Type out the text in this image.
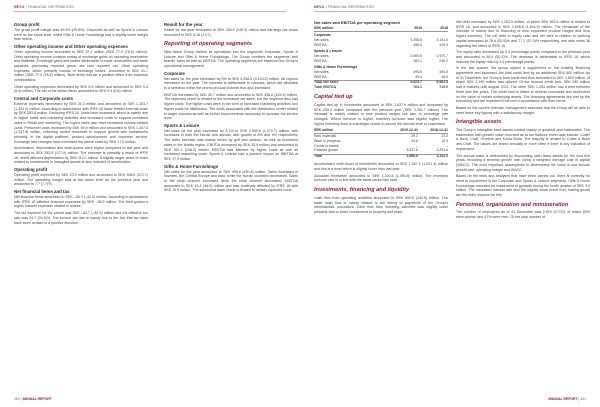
NEVO | FINANCIAL INFORMATION	NEVO | FINANCIAL INFORMATION
Group profit
The gross profit margin was 49.4% (49.6%). Corporate as well as Sports & Leisure were on the same level, whilst Gifts & Home Furnishings had a slightly lower margin than before.
Other operating income and Other operating expenses
Other operating income amounted to SEK 32.1 million (SEK 77.9 (78.6) million). Other operating income consists mainly of exchange gains on operating receivables and liabilities. Exchange gains and losses attributable to trade receivables and trade payables, previously reported gross, are now reported net. Other operating expenses, which primarily consist of exchange losses, amounted to SEK 31.7 million (SEK 77.3 (78.5) million). Both items include a positive effect from business combinations.
Other operating expenses decreased by SEK 5.3 million and amounted to SEK 0.4 (5.6) million. The net of the above items amounted to SEK 0.4 (0.6) million.
Central and Corporate costs
External expenses decreased by SEK 20.3 million and amounted to SEK 1,303.7 (1,324.0) million. According to accordance with IFRS 16 lease related external costs by SEK 353.8 million. Excluding IFRS 16, costs have increased, which is mainly due to higher sales and marketing activities and increased costs to support increased sales in Retail and marketing. The higher sales also have increased volume-related costs. Personnel costs increased by SEK 69.9 million and amounted to SEK 1,407.4 (1,337.5) million, reflecting added resources to support growth with investments primarily in the digital platform, product development and customer service. Exchange rate changes have increased the above costs by SEK 17.0 million.
Amortization, depreciation and write-downs were higher compared to last year and amounted to SEK 283.8 (177.9) million. The increase is primarily a result of IFRS 16, which affected depreciation by SEK 112.0 million. A slightly larger share of costs related to investments in intangible assets is also included in amortization.
Operating profit
Operating profit improved by SEK 23.9 million and amounted to SEK 396.6 (372.7) million. The operating margin was at the same level as the previous year and amounted to 7.7 (7.7)%.
Net financial items and tax
Net financial items amounted to SEK –55.3 (–42.0) million. According to accordance with IFRS 16 affected financial expenses by SEK –38.5 million. The third quarter's higher interest expenses related to leases.
The tax expense for the period was SEK –84.7 (–81.5) million and the effective tax rate was 24.7 (24.5)%. The income tax rate is mainly due to the fact that tax rates have been revised in a positive direction.
Result for the year
Result for the year amounted to SEK 256.6 (249.3) million and earnings per share amounted to SEK 3.16 (3.07).
Reporting of operating segments
New Wave Group divides its operations into the segments Corporate, Sports & Leisure and Gifts & Home Furnishings. The Group monitors the segments' and brands' sales as well as EBITDA. The operating segments are based on the Group's operational management.
Corporate
Net sales for the year increased by 5% to SEK 3,258.5 (3,103.0) million. All regions increased for the year. The increase is attributable to volumes, which are allocated to a selection within the promo product channel that also increased.
EBITDA increased by SEK 32.7 million and amounted to SEK 458.6 (425.9) million. The improved result is related to the increased net sales, but the segment also had higher costs. The higher costs were in the form of increased marketing activities and higher costs for distribution. The costs associated with the distribution center related to larger volumes as well as further improvements necessary to increase the service level.
Sports & Leisure
Net sales for the year increased by 5.1% to SEK 2,069.6 (1,970.7) million, with increases in both the Nordic and abroad, with growth of 8% and 4% respectively. The sales increase was mainly driven by golf and outdoor, as well as increased sales in the Nordic region. EBITDA increased by SEK 15.9 million and amounted to SEK 262.1 (246.2) million. EBITDA was affected by higher costs as well as increased marketing costs. Sports & Leisure had a positive impact on EBITDA of SEK 27.9 million.
Gifts & Home Furnishings
Net sales for the year amounted to SEK 495.6 (490.8) million. Sales increased in Sweden, the Central Europe and Asia, while the Nordic countries decreased. Sales to the retail channel increased while the retail channel decreased. EBITDA amounted to SEK 43.4 (46.9) million and was positively affected by IFRS 16 with SEK 15.5 million. The somewhat lower result is related to certain expected costs.
Net sales and EBITDA per operating segment
SEK million	2019	2018
Corporate		
Net sales	3,258.5	3,103.0
EBITDA	458.6	425.9
Sports & Leisure		
Net sales	2,069.6	1,970.7
EBITDA	262.1	246.2
Gifts & Home Furnishings		
Net sales	495.6	490.8
EBITDA	43.4	46.9
Total Net sales	5,823.7	5,564.5
Total EBITDA	764.1	719.0
Capital tied up
Capital tied up in inventories amounted to SEK 3,637.9 million and increased by SEK 255.2 million compared with the previous year (SEK 3,382.7 million). The increase is mainly related to new product ranges but also to exchange rate changes. Where turnover is higher, inventory turnover was slightly higher. The higher inventory level is a strategic choice to secure the service level to customers.
SEK million	2019-12-31	2018-12-31
Raw materials	29.2	23.3
Work in progress	19.8	15.3
Goods in transit	–	–
Finished goods	3,537.6	3,293.6
Total	3,586.6	3,332.2
Accumulated write-down of inventories amounted to SEK 1,067.1 (1,021.4) million and this is a level which is slightly lower than last year.
Accounts receivable amounted to SEK 1,100.8 (1,094.6) million. The inventory turnover rate is in line with the same period last year.
Investments, financing and liquidity
Cash flow from operating activities amounted to SEK 600.6 (143.6) million. The lower cash flow is mainly related to the timing of payments of the Group's merchandise purchases. Cash flow from investing activities was slightly lower primarily due to lower investments in property and plant.
Net debt increased by SEK 1,263.9 million, of which SEK 963.5 million is related to IFRS 16, and amounted to SEK 2,908.8 (1,644.9) million. The remainder of the increase is mainly due to financing of new expanded product ranges and thus higher inventory. The net debt to equity ratio and net debt in relation to working capital amounted to 78.6 (52.5)% and 77.2 (57.0)% respectively, see also notes 36 regarding the effect of IFRS 16.
The equity ratio decreased by 3.3 percentage points compared to the previous year and amounted to 46.9 (50.2)%. The decrease is attributable to IFRS 16, which reduced the equity ratio by 4.5 percentage points.
In the last quarter, the group signed a supplement to the existing financing agreement and increased the total credit limit by an additional SEK 600 million. As of 31 December, the Group's total credit limit thus amounted to SEK 3,823 million, of which SEK 2,290 million was utilized. Of the unused credit limit, SEK 280 million had a maturity until August 2021. The other SEK 1,253 million has a term between three and five years. The credit limit is linked to several covenants and dependent on the value of certain underlying assets. The financing agreements are met by the borrowing and are expected to be met in accordance with their terms.
Based on the current forecast, management assesses that the Group will be able to meet these key figures with a satisfactory margin.
Intangible assets
The Group's intangible fixed assets consist mainly of goodwill and trademarks. The trademarks with greater value recorded as at our balance sheet date include: Cutter & Buck, Craft, Orrefors and Kosta Boda. The majority is related to Cutter & Buck and Craft. The values are tested annually or more often if there is any indication of impairment.
The annual value is determined by discounting cash flows assets for the next five years, including a terminal growth rate, using a weighted average cost of capital (WACC). The most important assumptions in determining the value in use include growth rate, operating margin and WACC.
Based on the tests and analyses that have been carried out, there is currently no need to impairment in the Corporate and Sports & Leisure segments. Gifts & Home Furnishings recorded an impairment of goodwill during the fourth quarter of SEK 4.4 million. The increased interest rate and the slightly weak result from trading goods are the main reasons for this.
Personnel, organization and remuneration
The number of employees as of 31 December was 2,819 (2,702), of which 53% were women and 47% were men. Of the total number of
100 | ANNUAL REPORT	ANNUAL REPORT | 101
